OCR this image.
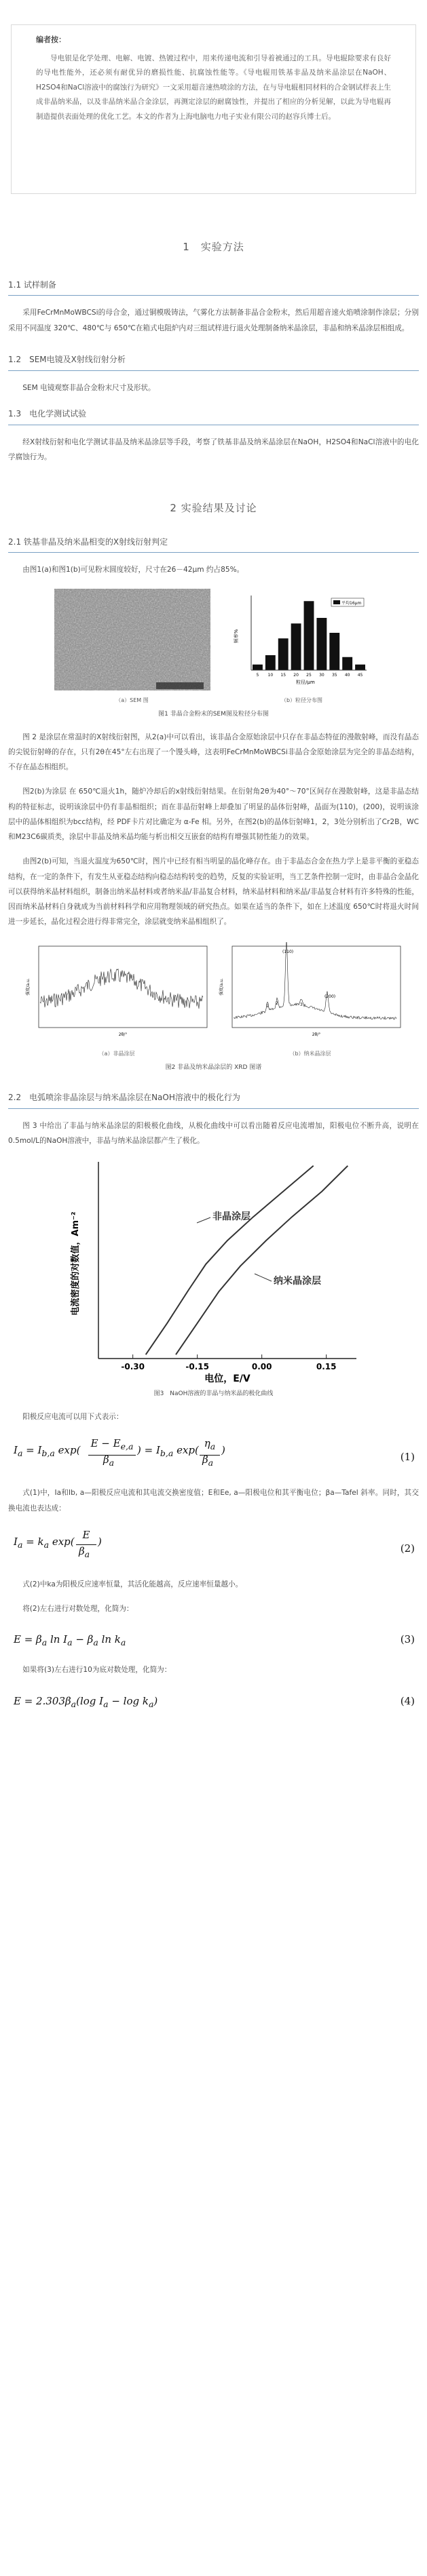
编者按：
导电银是化学处理、电解、电镀、热镀过程中，用来传递电流和引导着被通过的工具。导电辊除要求有良好的导电性能外，还必须有耐优异的磨损性能、抗腐蚀性能等。《导电辊用铁基非晶及纳米晶涂层在NaOH、H2SO4和NaCl溶液中的腐蚀行为研究》一文采用超音速热喷涂的方法，在与导电辊相同材料的合金钢试样表上生成非晶纳米晶，以及非晶纳米晶合金涂层，再测定涂层的耐腐蚀性，并提出了相应的分析见解，以此为导电辊再制造提供表面处理的优化工艺。本文的作者为上海电脑电力电子实业有限公司的赵容兵博士后。
1　实验方法
1.1 试样制备
采用FeCrMnMoWBCSi的母合金，通过铜模吸铸法，气雾化方法制备非晶合金粉末，然后用超音速火焰喷涂制作涂层；分别采用不同温度 320℃、480℃与 650℃在箱式电阻炉内对三组试样进行退火处理制备纳米晶涂层，非晶和纳米晶涂层相组成。
1.2　SEM电镜及X射线衍射分析
SEM 电镜观察非晶合金粉末尺寸及形状。
1.3　电化学测试试验
经X射线衍射和电化学测试非晶及纳米晶涂层等手段，考察了铁基非晶及纳米晶涂层在NaOH，H2SO4和NaCl溶液中的电化学腐蚀行为。
2 实验结果及讨论
2.1 铁基非晶及纳米晶相变的X射线衍射判定
由图1(a)和图1(b)可见粉末圆度较好，尺寸在26－42μm 约占85%。
（a）SEM 图
5 10 15 20 25 30 35 40 45
平均16μm
粒径/μm
频率%
（b）粒径分布图
图1 非晶合金粉末的SEM图及粒径分布图
图 2 是涂层在常温时的X射线衍射图，从2(a)中可以看出，该非晶合金原始涂层中只存在非晶态特征的漫散射峰，而没有晶态的尖锐衍射峰的存在，只有2θ在45°左右出现了一个馒头峰，这表明FeCrMnMoWBCSi非晶合金原始涂层为完全的非晶态结构，不存在晶态相组织。
图2(b)为涂层 在 650℃退火1h，随炉冷却后的x射线衍射结果。在衍射角2θ为40°～70°区间存在漫散射峰，这是非晶态结构的特征标志，说明该涂层中仍有非晶相组织；而在非晶衍射峰上却叠加了明显的晶体衍射峰，晶面为(110)，(200)，说明该涂层中的晶体相组织为bcc结构，经 PDF卡片对比确定为 α-Fe 相。另外，在图2(b)的晶体衍射峰1，2，3处分别析出了Cr2B，WC和M23C6碳质类，涂层中非晶及纳米晶均能与析出相交互嵌套的结构有增强其韧性能力的效果。
由图2(b)可知，当退火温度为650℃时，图片中已经有相当明显的晶化峰存在。由于非晶态合金在热力学上是非平衡的亚稳态结构，在一定的条件下，有发生从亚稳态结构向稳态结构转变的趋势，反复的实验证明，当工艺条件控制一定时，由非晶合金晶化可以获得纳米晶材料组织，制备出纳米晶材料或者纳米晶/非晶复合材料，纳米晶材料和纳米晶/非晶复合材料有许多特殊的性能，因而纳米晶材料自身就成为当前材料科学和应用物理领域的研究热点。如果在适当的条件下，如在上述温度 650℃时将退火时间进一步延长，晶化过程会进行得非常完全，涂层就变纳米晶相组织了。
强度/a.u.
2θ/°
（a）非晶涂层
(110)
(200)
1
2	3
强度/a.u.
2θ/°
（b）纳米晶涂层
图2 非晶及纳米晶涂层的 XRD 图谱
2.2　电弧喷涂非晶涂层与纳米晶涂层在NaOH溶液中的极化行为
图 3 中给出了非晶与纳米晶涂层的阳极极化曲线，从极化曲线中可以看出随着反应电流增加，阳极电位不断升高，说明在0.5mol/L的NaOH溶液中，非晶与纳米晶涂层都产生了极化。
-0.30	-0.15	0.00	0.15
非晶涂层
纳米晶涂层
电流密度的对数值，Am⁻²
电位，E/V
图3　NaOH溶液的非晶与纳米晶的极化曲线
阳极反应电流可以用下式表示：
$I_a = I_{b,a}$ exp(
$E - E_{e,a}$
$\beta_a$
) = $I_{b,a}$ exp(
$\eta_a$
$\beta_a$
)
(1)
式(1)中，Ia和Ib, a—阳极反应电流和其电流交换密度值；E和Ee, a—阳极电位和其平衡电位；βa—Tafel 斜率。同时，其交换电流也表达成：
$I_a = k_a$ exp(
E
$\beta_a$
)
(2)
式(2)中ka为阳极反应速率恒量，其活化能越高，反应速率恒量越小。
将(2)左右进行对数处理，化简为：
$E = \beta_a$ $\ln I_a - \beta_a$ $\ln k_a$	(3)
如果将(3)左右进行10为底对数处理，化简为：
$E = 2.303\beta_a(\log$ $I_a - \log k_a$)	(4)
